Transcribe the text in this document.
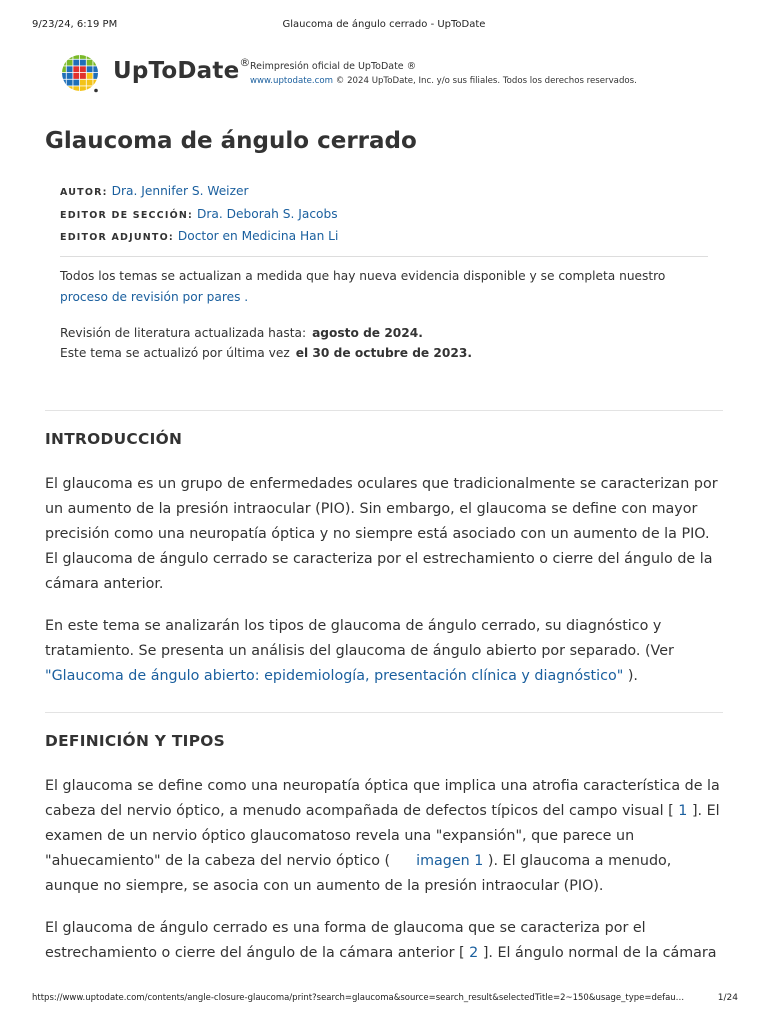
9/23/24, 6:19 PM	Glaucoma de ángulo cerrado - UpToDate
UpToDate® Reimpresión oficial de UpToDate ®
www.uptodate.com © 2024 UpToDate, Inc. y/o sus filiales. Todos los derechos reservados.
Glaucoma de ángulo cerrado
AUTOR: Dra. Jennifer S. Weizer
EDITOR DE SECCIÓN: Dra. Deborah S. Jacobs
EDITOR ADJUNTO: Doctor en Medicina Han Li
Todos los temas se actualizan a medida que hay nueva evidencia disponible y se completa nuestro
proceso de revisión por pares .
Revisión de literatura actualizada hasta: agosto de 2024.
Este tema se actualizó por última vez el 30 de octubre de 2023.
INTRODUCCIÓN

El glaucoma es un grupo de enfermedades oculares que tradicionalmente se caracterizan por un aumento de la presión intraocular (PIO). Sin embargo, el glaucoma se define con mayor precisión como una neuropatía óptica y no siempre está asociado con un aumento de la PIO. El glaucoma de ángulo cerrado se caracteriza por el estrechamiento o cierre del ángulo de la cámara anterior.

En este tema se analizarán los tipos de glaucoma de ángulo cerrado, su diagnóstico y tratamiento. Se presenta un análisis del glaucoma de ángulo abierto por separado. (Ver "Glaucoma de ángulo abierto: epidemiología, presentación clínica y diagnóstico" ).

DEFINICIÓN Y TIPOS

El glaucoma se define como una neuropatía óptica que implica una atrofia característica de la cabeza del nervio óptico, a menudo acompañada de defectos típicos del campo visual [ 1 ]. El examen de un nervio óptico glaucomatoso revela una "expansión", que parece un "ahuecamiento" de la cabeza del nervio óptico ( imagen 1 ). El glaucoma a menudo, aunque no siempre, se asocia con un aumento de la presión intraocular (PIO).

El glaucoma de ángulo cerrado es una forma de glaucoma que se caracteriza por el estrechamiento o cierre del ángulo de la cámara anterior [ 2 ]. El ángulo normal de la cámara

https://www.uptodate.com/contents/angle-closure-glaucoma/print?search=glaucoma&source=search_result&selectedTitle=2~150&usage_type=defau…	1/24
